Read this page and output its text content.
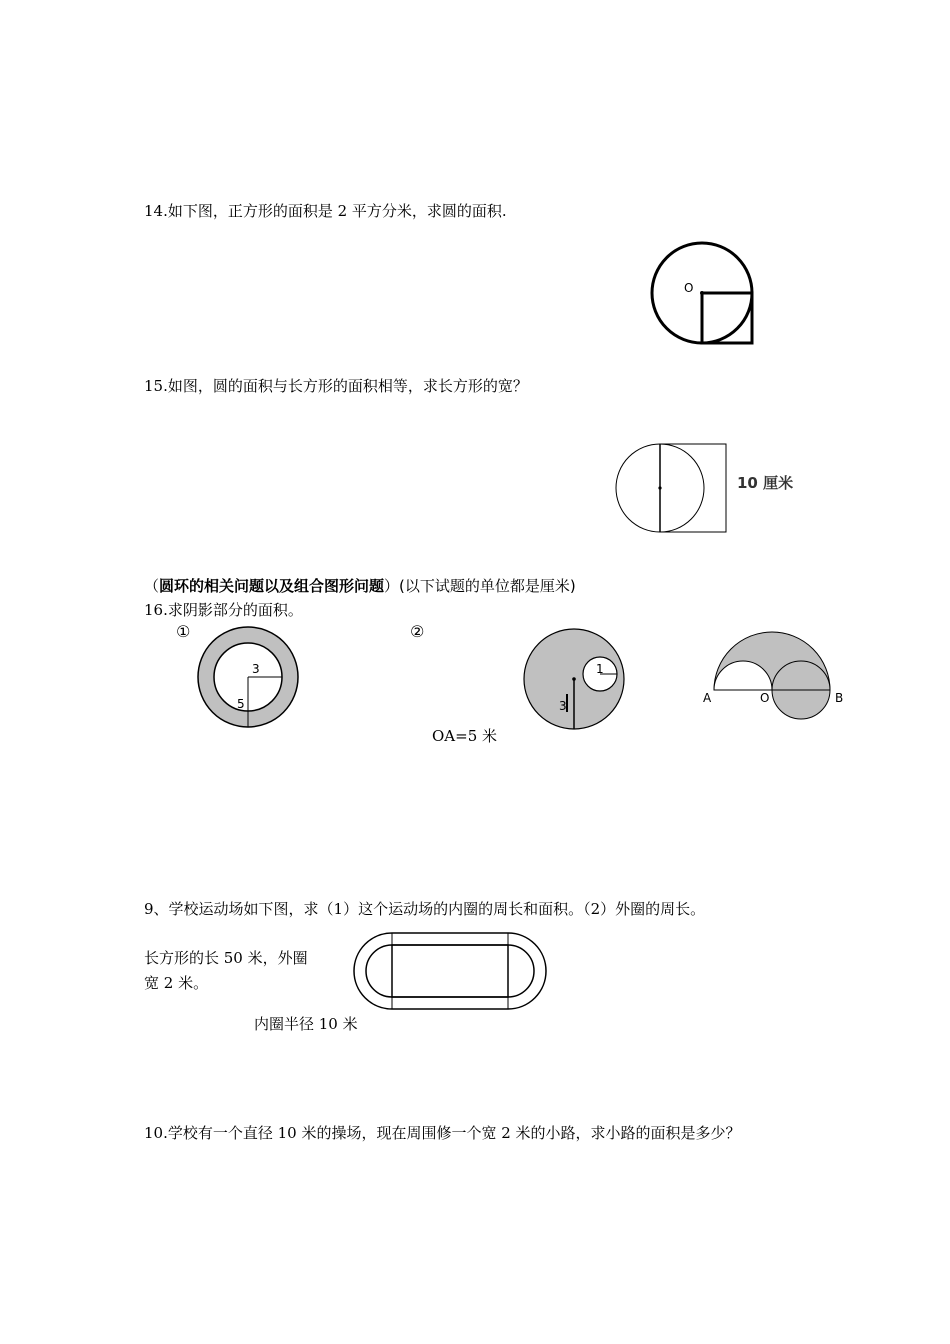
14.如下图，正方形的面积是 2 平方分米，求圆的面积.
O
15.如图，圆的面积与长方形的面积相等，求长方形的宽？
10 厘米
（圆环的相关问题以及组合图形问题）(以下试题的单位都是厘米)
16.求阴影部分的面积。
①
3
5
②
3
1
A	O	B
OA=5 米
9、学校运动场如下图，求（1）这个运动场的内圈的周长和面积。（2）外圈的周长。
长方形的长 50 米，外圈
宽 2 米。
内圈半径 10 米
10.学校有一个直径 10 米的操场，现在周围修一个宽 2 米的小路，求小路的面积是多少？
